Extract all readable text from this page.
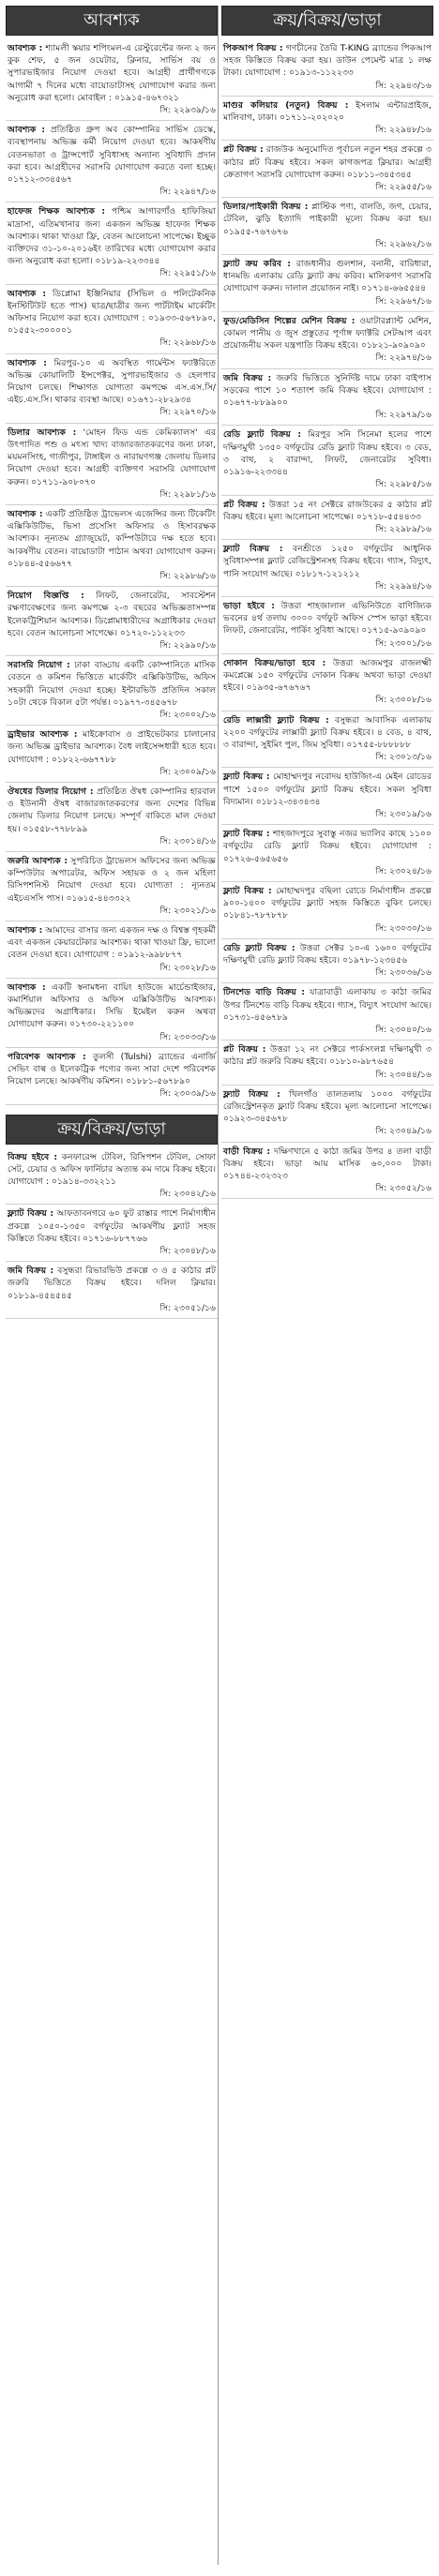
আবশ্যক
আবশ্যক : শ্যামলী স্কয়ার শপিংমল-এ রেস্টুরেন্টের জন্য ২ জন কুক শেফ, ৫ জন ওয়েটার, ক্লিনার, সার্ভিস বয় ও সুপারভাইজার নিয়োগ দেওয়া হবে। আগ্রহী প্রার্থীগণকে আগামী ৭ দিনের মধ্যে বায়োডাটাসহ যোগাযোগ করার জন্য অনুরোধ করা হলো। মোবাইল : ০১৯১৫-৪৬৭৩২১
সি: ২২৯৩৯/১৬
আবশ্যক : প্রতিষ্ঠিত গ্রুপ অব কোম্পানির সার্ভিস ডেস্কে, ব্যবস্থাপনায় অভিজ্ঞ কর্মী নিয়োগ দেওয়া হবে। আকর্ষণীয় বেতনভাতা ও ট্রান্সপোর্ট সুবিধাসহ অন্যান্য সুবিধাদি প্রদান করা হবে। আগ্রহীদের সরাসরি যোগাযোগ করতে বলা হচ্ছে। ০১৭১২-৩৩৪৫৬৭
সি: ২২৯৪৭/১৬
হাফেজ শিক্ষক আবশ্যক : পশ্চিম আগারগাঁও হাফিজিয়া মাদ্রাসা, এতিমখানার জন্য একজন অভিজ্ঞ হাফেজ শিক্ষক আবশ্যক। থাকা খাওয়া ফ্রি, বেতন আলোচনা সাপেক্ষে। ইচ্ছুক ব্যক্তিদের ৩১-১০-২০১৬ইং তারিখের মধ্যে যোগাযোগ করার জন্য অনুরোধ করা হলো। ০১৮১৯-২২৩৩৪৪
সি: ২২৯৫১/১৬
আবশ্যক : ডিপ্লোমা ইঞ্জিনিয়ার (সিভিল ও পলিটেকনিক ইনস্টিটিউট হতে পাস) ছাত্র/ছাত্রীর জন্য পার্টটাইম মার্কেটিং অফিসার নিয়োগ করা হবে। যোগাযোগ : ০১৯৩৩-৫৬৭৮৯০, ০১৫৫২-৩০০০০১
সি: ২২৯৬৮/১৬
আবশ্যক : মিরপুর-১০ এ অবস্থিত গার্মেন্টস ফ্যাক্টরিতে অভিজ্ঞ কোয়ালিটি ইন্সপেক্টর, সুপারভাইজার ও হেলপার নিয়োগ চলছে। শিক্ষাগত যোগ্যতা কমপক্ষে এস.এস.সি/এইচ.এস.সি। থাকার ব্যবস্থা আছে। ০১৬৭১-২৮২৯৩৪
সি: ২২৯৭০/১৬
ডিলার আবশ্যক : 'মোহন ফিড এন্ড কেমিক্যালস' এর উৎপাদিত পশু ও মৎস্য খাদ্য বাজারজাতকরণের জন্য ঢাকা, ময়মনসিংহ, গাজীপুর, টাঙ্গাইল ও নারায়ণগঞ্জ জেলায় ডিলার নিয়োগ দেওয়া হবে। আগ্রহী ব্যক্তিগণ সরাসরি যোগাযোগ করুন। ০১৭১১-৯০৮০৭০
সি: ২২৯৮১/১৬
আবশ্যক : একটি প্রতিষ্ঠিত ট্রাভেলস এজেন্সির জন্য টিকেটিং এক্সিকিউটিভ, ভিসা প্রসেসিং অফিসার ও হিসাবরক্ষক আবশ্যক। নূন্যতম গ্র্যাজুয়েট, কম্পিউটারে দক্ষ হতে হবে। আকর্ষণীয় বেতন। বায়োডাটা পাঠান অথবা যোগাযোগ করুন। ০১৮৪৪-৫৫৬৬৭৭
সি: ২২৯৮৬/১৬
নিয়োগ বিজ্ঞপ্তি : লিফট, জেনারেটর, সাবস্টেশন রক্ষণাবেক্ষণের জন্য কমপক্ষে ২-৩ বছরের অভিজ্ঞতাসম্পন্ন ইলেকট্রিশিয়ান আবশ্যক। ডিপ্লোমাধারীদের অগ্রাধিকার দেওয়া হবে। বেতন আলোচনা সাপেক্ষে। ০১৭২০-১১২২৩৩
সি: ২২৯৯০/১৬
সরাসরি নিয়োগ : ঢাকা বাড্ডায় একটি কোম্পানিতে মাসিক বেতনে ও কমিশন ভিত্তিতে মার্কেটিং এক্সিকিউটিভ, অফিস সহকারী নিয়োগ দেওয়া হচ্ছে। ইন্টারভিউ প্রতিদিন সকাল ১০টা থেকে বিকাল ৫টা পর্যন্ত। ০১৯৭৭-৩৪৫৬৭৮
সি: ২৩০০২/১৬
ড্রাইভার আবশ্যক : মাইক্রোবাস ও প্রাইভেটকার চালানোর জন্য অভিজ্ঞ ড্রাইভার আবশ্যক। বৈধ লাইসেন্সধারী হতে হবে। যোগাযোগ : ০১৮২২-৬৬৭৭৮৮
সি: ২৩০০৯/১৬
ঔষধের ডিলার নিয়োগ : প্রতিষ্ঠিত ঔষধ কোম্পানির হারবাল ও ইউনানী ঔষধ বাজারজাতকরণের জন্য দেশের বিভিন্ন জেলায় ডিলার নিয়োগ চলছে। সম্পূর্ণ বাকিতে মাল দেওয়া হয়। ০১৫৫৮-৭৭৮৮৯৯
সি: ২৩০১৪/১৬
জরুরি আবশ্যক : সুপরিচিত ট্রাভেলস অফিসের জন্য অভিজ্ঞ কম্পিউটার অপারেটর, অফিস সহায়ক ও ২ জন মহিলা রিসিপশনিস্ট নিয়োগ দেওয়া হবে। যোগ্যতা : ন্যূনতম এইচএসসি পাস। ০১৬১৫-৪৪৩৩২২
সি: ২৩০২১/১৬
আবশ্যক : আমাদের বাসার জন্য একজন দক্ষ ও বিশ্বস্ত গৃহকর্মী এবং একজন কেয়ারটেকার আবশ্যক। থাকা খাওয়া ফ্রি, ভালো বেতন দেওয়া হবে। যোগাযোগ : ০১৯১২-৯৯৮৮৭৭
সি: ২৩০২৮/১৬
আবশ্যক : একটি স্বনামধন্য বায়িং হাউজে মার্চেন্ডাইজার, কমার্শিয়াল অফিসার ও অফিস এক্সিকিউটিভ আবশ্যক। অভিজ্ঞদের অগ্রাধিকার। সিভি ইমেইল করুন অথবা যোগাযোগ করুন। ০১৭৩০-২২১১০০
সি: ২৩০৩৩/১৬
পরিবেশক আবশ্যক : তুলসী (Tulshi) ব্র্যান্ডের এনার্জি সেভিং বাল্ব ও ইলেকট্রিক পণ্যের জন্য সারা দেশে পরিবেশক নিয়োগ চলছে। আকর্ষণীয় কমিশন। ০১৮৮১-৫৬৭৮৯০
সি: ২৩০৩৯/১৬
ক্রয়/বিক্রয়/ভাড়া
বিক্রয় হইবে : কনফারেন্স টেবিল, রিসিপশন টেবিল, সোফা সেট, চেয়ার ও অফিস ফার্নিচার অত্যন্ত কম দামে বিক্রয় হইবে। যোগাযোগ : ০১৯১৪-৩৩২২১১
সি: ২৩০৪২/১৬
ফ্ল্যাট বিক্রয় : আফতাবনগরে ৬০ ফুট রাস্তার পাশে নির্মাণাধীন প্রকল্পে ১০৫০-১৩৫০ বর্গফুটের আকর্ষণীয় ফ্ল্যাট সহজ কিস্তিতে বিক্রয় হইবে। ০১৭১৬-৮৮৭৭৬৬
সি: ২৩০৪৮/১৬
জমি বিক্রয় : বসুন্ধরা রিভারভিউ প্রকল্পে ৩ ও ৫ কাঠার প্লট জরুরি ভিত্তিতে বিক্রয় হইবে। দলিল ক্লিয়ার। ০১৮১৯-৪৫৪৫৪৫
সি: ২৩০৫১/১৬
ক্রয়/বিক্রয়/ভাড়া
পিকআপ বিক্রয় : গণচীনের তৈরি T-KING ব্র্যান্ডের পিকআপ সহজ কিস্তিতে বিক্রয় করা হয়। ডাউন পেমেন্ট মাত্র ১ লক্ষ টাকা। যোগাযোগ : ০১৯১৩-১১২২৩৩
সি: ২২৯৪৩/১৬
মাগুর কলিয়ার (নতুন) বিক্রয় : ইসলাম এন্টারপ্রাইজ, মালিবাগ, ঢাকা। ০১৭১১-২০২০২০
সি: ২২৯৪৮/১৬
প্লট বিক্রয় : রাজউক অনুমোদিত পূর্বাচল নতুন শহর প্রকল্পে ৩ কাঠার প্লট বিক্রয় হইবে। সকল কাগজপত্র ক্লিয়ার। আগ্রহী ক্রেতাগণ সরাসরি যোগাযোগ করুন। ০১৮১১-৩৪৫৩৪৫
সি: ২২৯৫৫/১৬
ডিলার/পাইকারী বিক্রয় : প্লাস্টিক পণ্য, বালতি, জগ, চেয়ার, টেবিল, ঝুড়ি ইত্যাদি পাইকারী মূল্যে বিক্রয় করা হয়। ০১৯৫৫-৭৬৭৬৭৬
সি: ২২৯৬২/১৬
ফ্ল্যাট ক্রয় করিব : রাজধানীর গুলশান, বনানী, বারিধারা, ধানমন্ডি এলাকায় রেডি ফ্ল্যাট ক্রয় করিব। মালিকগণ সরাসরি যোগাযোগ করুন। দালাল প্রয়োজন নাই। ০১৭১৪-৬৬৫৫৪৪
সি: ২২৯৬৭/১৬
ফুড/মেডিসিন শিল্পের মেশিন বিক্রয় : ওয়াটারপ্ল্যান্ট মেশিন, কোমল পানীয় ও জুস প্রস্তুতের পূর্ণাঙ্গ ফ্যাক্টরি সেটআপ এবং প্রয়োজনীয় সকল যন্ত্রপাতি বিক্রয় হইবে। ০১৮২১-৯০৯০৯০
সি: ২২৯৭৪/১৬
জমি বিক্রয় : জরুরি ভিত্তিতে সুনির্দিষ্ট দামে ঢাকা বাইপাস সড়কের পাশে ১০ শতাংশ জমি বিক্রয় হইবে। যোগাযোগ : ০১৬৭৭-৮৮৯৯০০
সি: ২২৯৭৯/১৬
রেডি ফ্ল্যাট বিক্রয় : মিরপুর সনি সিনেমা হলের পাশে দক্ষিণমুখী ১৩৫০ বর্গফুটের রেডি ফ্ল্যাট বিক্রয় হইবে। ৩ বেড, ৩ বাথ, ২ বারান্দা, লিফট, জেনারেটর সুবিধা। ০১৯১৬-২২৩৩৪৪
সি: ২২৯৮৫/১৬
প্লট বিক্রয় : উত্তরা ১৫ নং সেক্টরে রাজউকের ৫ কাঠার প্লট বিক্রয় হইবে। মূল্য আলোচনা সাপেক্ষে। ০১৭১৮-৫৫৪৪৩৩
সি: ২২৯৮৯/১৬
ফ্ল্যাট বিক্রয় : বনশ্রীতে ১২৫০ বর্গফুটের আধুনিক সুবিধাসম্পন্ন ফ্ল্যাট রেজিস্ট্রেশনসহ বিক্রয় হইবে। গ্যাস, বিদ্যুৎ, পানি সংযোগ আছে। ০১৮১৭-১২১২১২
সি: ২২৯৯৪/১৬
ভাড়া হইবে : উত্তরা শাহজালাল এভিনিউতে বাণিজ্যিক ভবনের ৪র্থ তলায় ৩০০০ বর্গফুট অফিস স্পেস ভাড়া হইবে। লিফট, জেনারেটর, পার্কিং সুবিধা আছে। ০১৭১৫-৯০৯০৯০
সি: ২৩০০১/১৬
দোকান বিক্রয়/ভাড়া হবে : উত্তরা আজমপুর রাজলক্ষ্মী কমপ্লেক্সে ১৫০ বর্গফুটের দোকান বিক্রয় অথবা ভাড়া দেওয়া হইবে। ০১৯৩৫-৬৭৬৭৬৭
সি: ২৩০০৮/১৬
রেডি লাক্সারী ফ্ল্যাট বিক্রয় : বসুন্ধরা আবাসিক এলাকায় ২২০০ বর্গফুটের লাক্সারী ফ্ল্যাট বিক্রয় হইবে। ৪ বেড, ৪ বাথ, ৩ বারান্দা, সুইমিং পুল, জিম সুবিধা। ০১৭৫৫-৮৮৮৮৮৮
সি: ২৩০১৩/১৬
ফ্ল্যাট বিক্রয় : মোহাম্মদপুর নবোদয় হাউজিং-এ মেইন রোডের পাশে ১৫০০ বর্গফুটের ফ্ল্যাট বিক্রয় হইবে। সকল সুবিধা বিদ্যমান। ০১৮১২-৩৪৩৪৩৪
সি: ২৩০১৯/১৬
ফ্ল্যাট বিক্রয় : শাহজাদপুরে সুবাস্তু নজর ভ্যালির কাছে ১১০০ বর্গফুটের রেডি ফ্ল্যাট বিক্রয় হইবে। যোগাযোগ : ০১৭২৬-৫৬৫৬৫৬
সি: ২৩০২৪/১৬
ফ্ল্যাট বিক্রয় : মোহাম্মদপুর বছিলা রোডে নির্মাণাধীন প্রকল্পে ৯০০-১৪০০ বর্গফুটের ফ্ল্যাট সহজ কিস্তিতে বুকিং চলছে। ০১৮৪১-৭৮৭৮৭৮
সি: ২৩০৩০/১৬
রেডি ফ্ল্যাট বিক্রয় : উত্তরা সেক্টর ১০-এ ১৬০০ বর্গফুটের দক্ষিণমুখী রেডি ফ্ল্যাট বিক্রয় হইবে। ০১৯৭৮-১২৩৪৫৬
সি: ২৩০৩৬/১৬
টিনশেড বাড়ি বিক্রয় : যাত্রাবাড়ী এলাকায় ৩ কাঠা জমির উপর টিনশেড বাড়ি বিক্রয় হইবে। গ্যাস, বিদ্যুৎ সংযোগ আছে। ০১৭৩১-৪৫৬৭৮৯
সি: ২৩০৪০/১৬
প্লট বিক্রয় : উত্তরা ১২ নং সেক্টরে পার্কসংলগ্ন দক্ষিণমুখী ৩ কাঠার প্লট জরুরি বিক্রয় হইবে। ০১৮১০-৯৮৭৬৫৪
সি: ২৩০৪৪/১৬
ফ্ল্যাট বিক্রয় : খিলগাঁও তালতলায় ১০০০ বর্গফুটের রেজিস্ট্রেশনকৃত ফ্ল্যাট বিক্রয় হইবে। মূল্য আলোচনা সাপেক্ষে। ০১৯২৩-৩৪৫৬৭৮
সি: ২৩০৪৯/১৬
বাড়ী বিক্রয় : দক্ষিণখানে ৫ কাঠা জমির উপর ৪ তলা বাড়ী বিক্রয় হইবে। ভাড়া আয় মাসিক ৬০,০০০ টাকা। ০১৭৪৪-২৩২৩২৩
সি: ২৩০৫২/১৬
